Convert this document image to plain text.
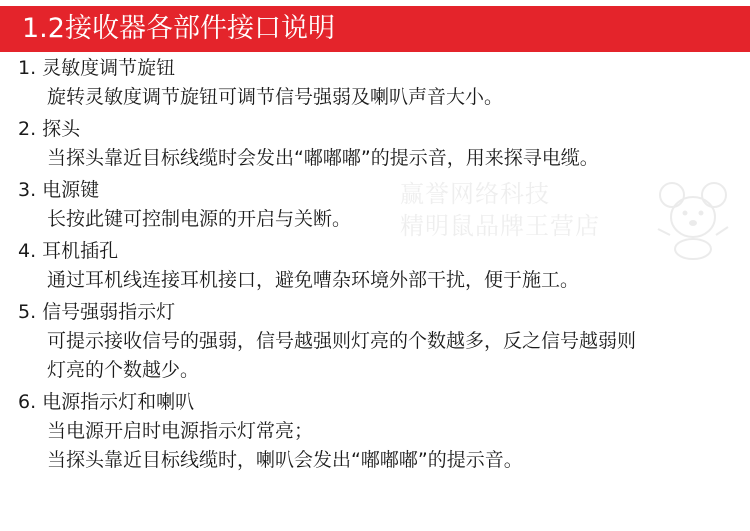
1.2接收器各部件接口说明
1. 灵敏度调节旋钮
旋转灵敏度调节旋钮可调节信号强弱及喇叭声音大小。
2. 探头
当探头靠近目标线缆时会发出“嘟嘟嘟”的提示音，用来探寻电缆。
3. 电源键
长按此键可控制电源的开启与关断。
4. 耳机插孔
通过耳机线连接耳机接口，避免嘈杂环境外部干扰，便于施工。
5. 信号强弱指示灯
可提示接收信号的强弱，信号越强则灯亮的个数越多，反之信号越弱则
灯亮的个数越少。
6. 电源指示灯和喇叭
当电源开启时电源指示灯常亮；
当探头靠近目标线缆时，喇叭会发出“嘟嘟嘟”的提示音。
赢誉网络科技
精明鼠品牌王营店
